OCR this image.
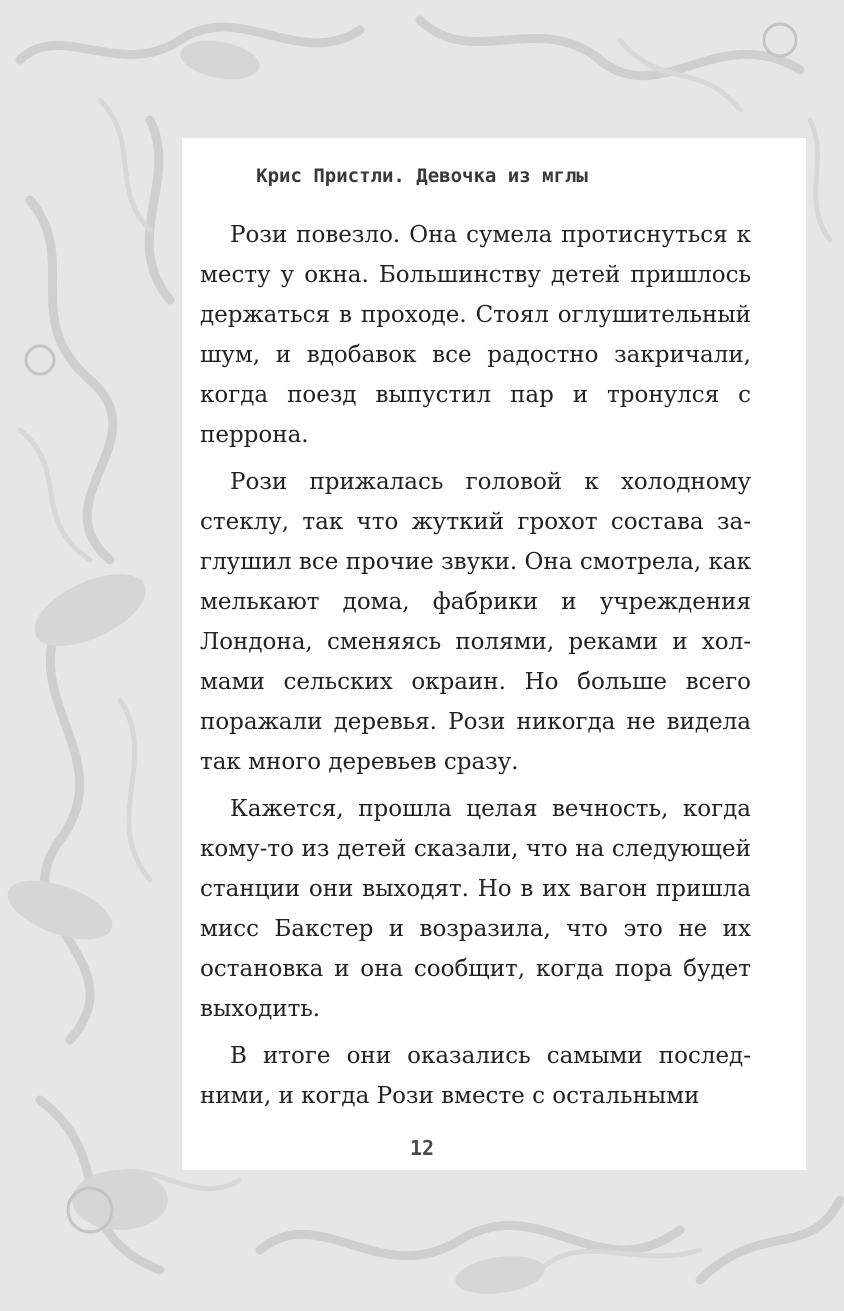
Крис Пристли. Девочка из мглы

Рози повезло. Она сумела протиснуться к месту у окна. Большинству детей пришлось держаться в проходе. Стоял оглушительный шум, и вдобавок все радостно закричали, когда поезд выпустил пар и тронулся с перрона.

Рози прижалась головой к холодному стеклу, так что жуткий грохот состава заглушил все прочие звуки. Она смотрела, как мелькают дома, фабрики и учреждения Лондона, сменяясь полями, реками и холмами сельских окраин. Но больше всего поражали деревья. Рози никогда не видела так много деревьев сразу.

Кажется, прошла целая вечность, когда кому-то из детей сказали, что на следующей станции они выходят. Но в их вагон пришла мисс Бакстер и возразила, что это не их остановка и она сообщит, когда пора будет выходить.

В итоге они оказались самыми последними, и когда Рози вместе с остальными

12
